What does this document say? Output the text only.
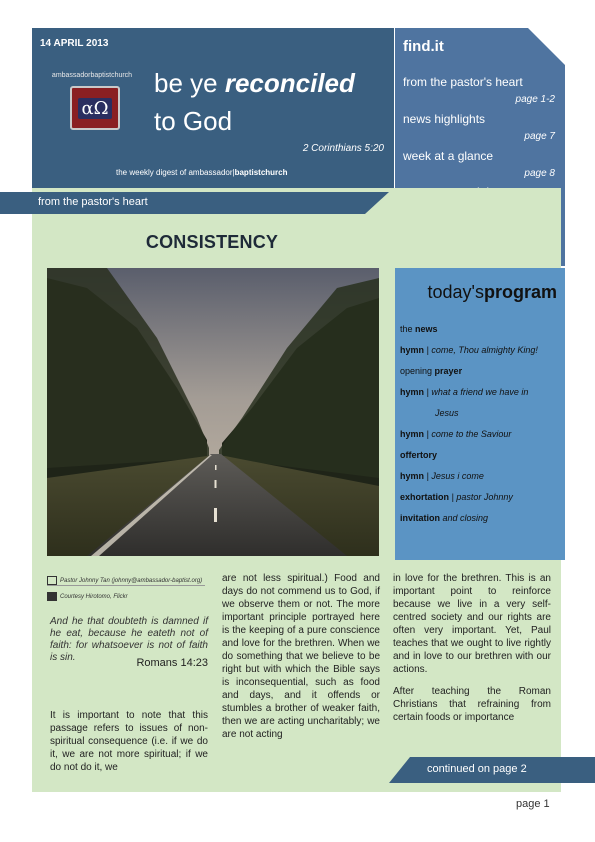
14 APRIL 2013
ambassadorbaptistchurch
αΩ
be ye reconciled
to God
2 Corinthians 5:20
the weekly digest of ambassador|baptistchurch
find.it
from the pastor's heart
page 1-2
news highlights
page 7
week at a glance
page 8
from the pastor's heart
CONSISTENCY
today'sprogram
the news
hymn | come, Thou almighty King!
opening prayer
hymn | what a friend we have in
Jesus
hymn | come to the Saviour
offertory
hymn | Jesus i come
exhortation | pastor Johnny
invitation and closing
Pastor Johnny Tan (johnny@ambassador-baptist.org)
Courtesy Hirotomo, Flickr
And he that doubteth is damned if he eat, because he eateth not of faith: for whatsoever is not of faith is sin.	Romans 14:23
It is important to note that this passage refers to issues of non-spiritual consequence (i.e. if we do it, we are not more spiritual; if we do not do it, we
are not less spiritual.) Food and days do not commend us to God, if we observe them or not. The more important principle portrayed here is the keeping of a pure conscience and love for the brethren. When we do something that we believe to be right but with which the Bible says is inconsequential, such as food and days, and it offends or stumbles a brother of weaker faith, then we are acting uncharitably; we are not acting
in love for the brethren. This is an important point to reinforce because we live in a very self-centred society and our rights are often very important. Yet, Paul teaches that we ought to live rightly and in love to our brethren with our actions.
After teaching the Roman Christians that refraining from certain foods or importance
continued on page 2
page 1
